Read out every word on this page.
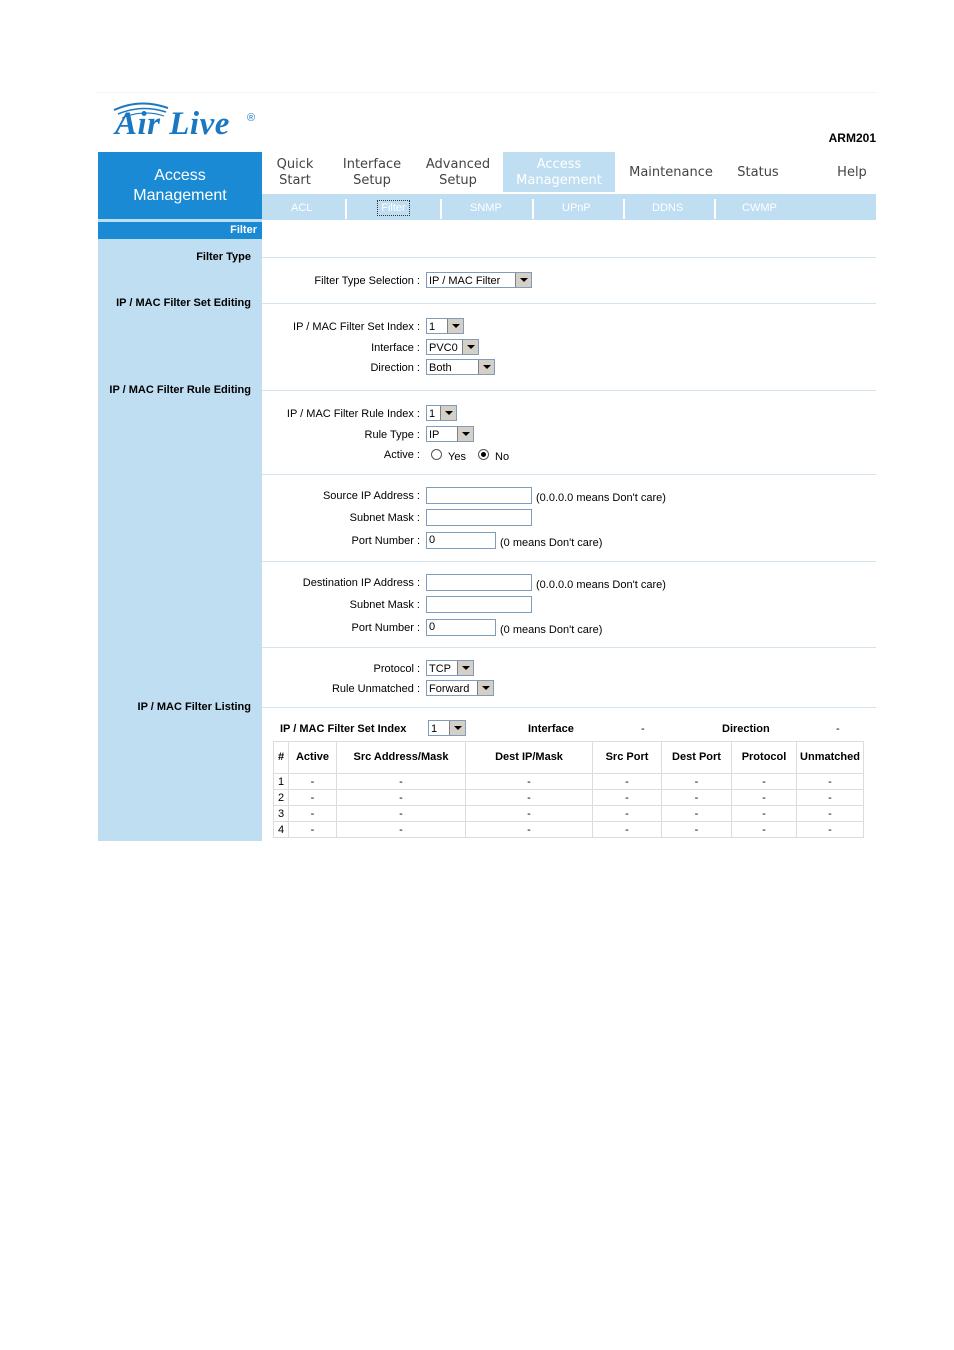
Air Live ®
ARM201
Access
Management
Filter
Filter Type
IP / MAC Filter Set Editing
IP / MAC Filter Rule Editing
IP / MAC Filter Listing
Quick
Start
Interface
Setup
Advanced
Setup
Access
Management
Maintenance	Status	Help
ACL	Filter	SNMP	UPnP	DDNS	CWMP
Filter Type Selection : IP / MAC Filter
IP / MAC Filter Set Index : 1
Interface : PVC0
Direction : Both
IP / MAC Filter Rule Index : 1
Rule Type : IP
Active :	Yes	No
Source IP Address :	(0.0.0.0 means Don't care)
Subnet Mask :
Port Number : 0	(0 means Don't care)
Destination IP Address :	(0.0.0.0 means Don't care)
Subnet Mask :
Port Number : 0	(0 means Don't care)
Protocol : TCP
Rule Unmatched : Forward
IP / MAC Filter Set Index 1	Interface	-	Direction	-
#	Active	Src Address/Mask	Dest IP/Mask	Src Port	Dest Port	Protocol	Unmatched
1	-	-	-	-	-	-	-
2	-	-	-	-	-	-	-
3	-	-	-	-	-	-	-
4	-	-	-	-	-	-	-
